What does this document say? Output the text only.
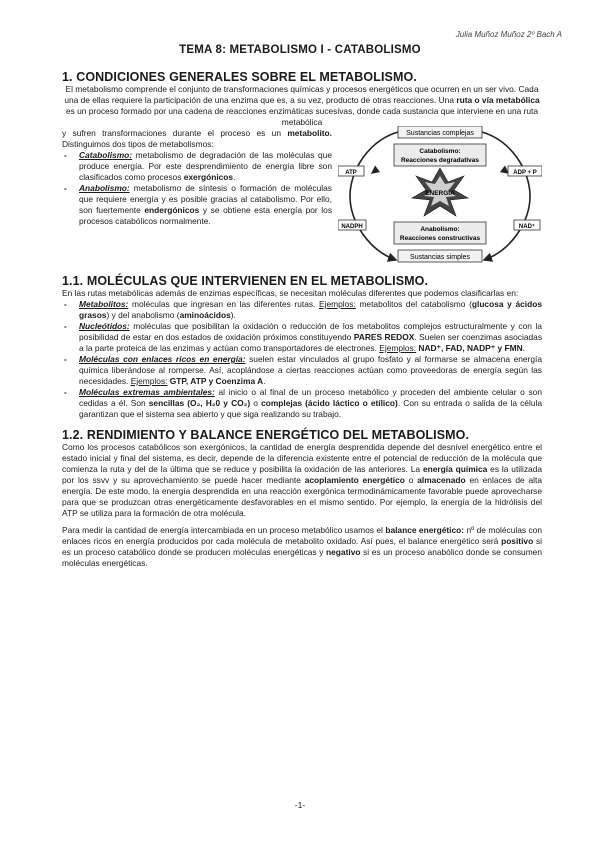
Julia Muñoz Muñoz 2º Bach A
TEMA 8: METABOLISMO I - CATABOLISMO
1. CONDICIONES GENERALES SOBRE EL METABOLISMO.

El metabolismo comprende el conjunto de transformaciones químicas y procesos energéticos que ocurren en un ser vivo. Cada una de ellas requiere la participación de una enzima que es, a su vez, producto de otras reacciones. Una ruta o vía metabólica es un proceso formado por una cadena de reacciones enzimáticas sucesivas, donde cada sustancia que interviene en una ruta metabólica

y sufren transformaciones durante el proceso es un metabolito. Distinguimos dos tipos de metabolismos:

- Catabolismo: metabolismo de degradación de las moléculas que produce energía. Por este desprendimiento de energía libre son clasificados como procesos exergónicos.
- Anabolismo: metabolismo de síntesis o formación de moléculas que requiere energía y es posible gracias al catabolismo. Por ello, son fuertemente endergónicos y se obtiene esta energía por los procesos catabólicos normalmente.
Sustancias complejas
Catabolismo:
Reacciones degradativas
ENERGÍA
Anabolismo:
Reacciones constructivas
Sustancias simples
ATP	ADP + P
NADPH	NAD⁺
1.1. MOLÉCULAS QUE INTERVIENEN EN EL METABOLISMO.

En las rutas metabólicas además de enzimas específicas, se necesitan moléculas diferentes que podemos clasificarlas en:

- Metabolitos: moléculas que ingresan en las diferentes rutas. Ejemplos: metabolitos del catabolismo (glucosa y ácidos grasos) y del anabolismo (aminoácidos).
- Nucleótidos: moléculas que posibilitan la oxidación o reducción de los metabolitos complejos estructuralmente y con la posibilidad de estar en dos estados de oxidación próximos constituyendo PARES REDOX. Suelen ser coenzimas asociadas a la parte proteica de las enzimas y actúan como transportadores de electrones. Ejemplos: NAD⁺, FAD, NADP⁺ y FMN.
- Moléculas con enlaces ricos en energía: suelen estar vinculados al grupo fosfato y al formarse se almacena energía química liberándose al romperse. Así, acoplándose a ciertas reacciones actúan como proveedoras de energía según las necesidades. Ejemplos: GTP, ATP y Coenzima A.
- Moléculas extremas ambientales: al inicio o al final de un proceso metabólico y proceden del ambiente celular o son cedidas a él. Son sencillas (O₂, H₂0 y CO₂) o complejas (ácido láctico o etílico). Con su entrada o salida de la célula garantizan que el sistema sea abierto y que siga realizando su trabajo.
1.2. RENDIMIENTO Y BALANCE ENERGÉTICO DEL METABOLISMO.

Como los procesos catabólicos son exergónicos, la cantidad de energía desprendida depende del desnivel energético entre el estado inicial y final del sistema, es decir, depende de la diferencia existente entre el potencial de reducción de la molécula que comienza la ruta y del de la última que se reduce y posibilita la oxidación de las anteriores. La energía química es la utilizada por los ssvv y su aprovechamiento se puede hacer mediante acoplamiento energético o almacenado en enlaces de alta energía. De este modo, la energía desprendida en una reacción exergónica termodinámicamente favorable puede aprovecharse para que se produzcan otras energéticamente desfavorables en el mismo sentido. Por ejemplo, la energía de la hidrólisis del ATP se utiliza para la formación de otra molécula.

Para medir la cantidad de energía intercambiada en un proceso metabólico usamos el balance energético: nº de moléculas con enlaces ricos en energía producidos por cada molécula de metabolito oxidado. Así pues, el balance energético será positivo si es un proceso catabólico donde se producen moléculas energéticas y negativo si es un proceso anabólico donde se consumen moléculas energéticas.

-1-
